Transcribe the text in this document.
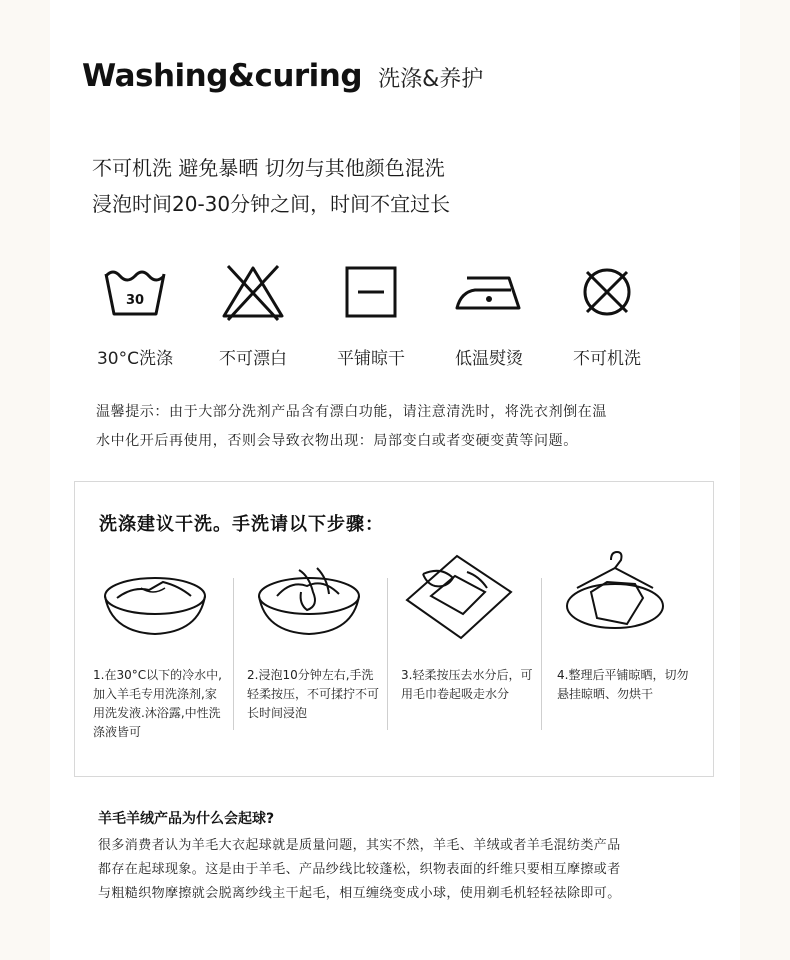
Washing&curing 洗涤&养护
不可机洗 避免暴晒 切勿与其他颜色混洗
浸泡时间20-30分钟之间，时间不宜过长
30
30°C洗涤	不可漂白	平铺晾干	低温熨烫	不可机洗
温馨提示：由于大部分洗剂产品含有漂白功能，请注意清洗时，将洗衣剂倒在温
水中化开后再使用，否则会导致衣物出现：局部变白或者变硬变黄等问题。
洗涤建议干洗。手洗请以下步骤：
1.在30°C以下的冷水中,加入羊毛专用洗涤剂,家用洗发液.沐浴露,中性洗涤液皆可
2.浸泡10分钟左右,手洗轻柔按压，不可揉拧不可长时间浸泡
3.轻柔按压去水分后，可用毛巾卷起吸走水分
4.整理后平铺晾晒，切勿悬挂晾晒、勿烘干
羊毛羊绒产品为什么会起球?
很多消费者认为羊毛大衣起球就是质量问题，其实不然，羊毛、羊绒或者羊毛混纺类产品
都存在起球现象。这是由于羊毛、产品纱线比较蓬松，织物表面的纤维只要相互摩擦或者
与粗糙织物摩擦就会脱离纱线主干起毛，相互缠绕变成小球，使用剃毛机轻轻祛除即可。
